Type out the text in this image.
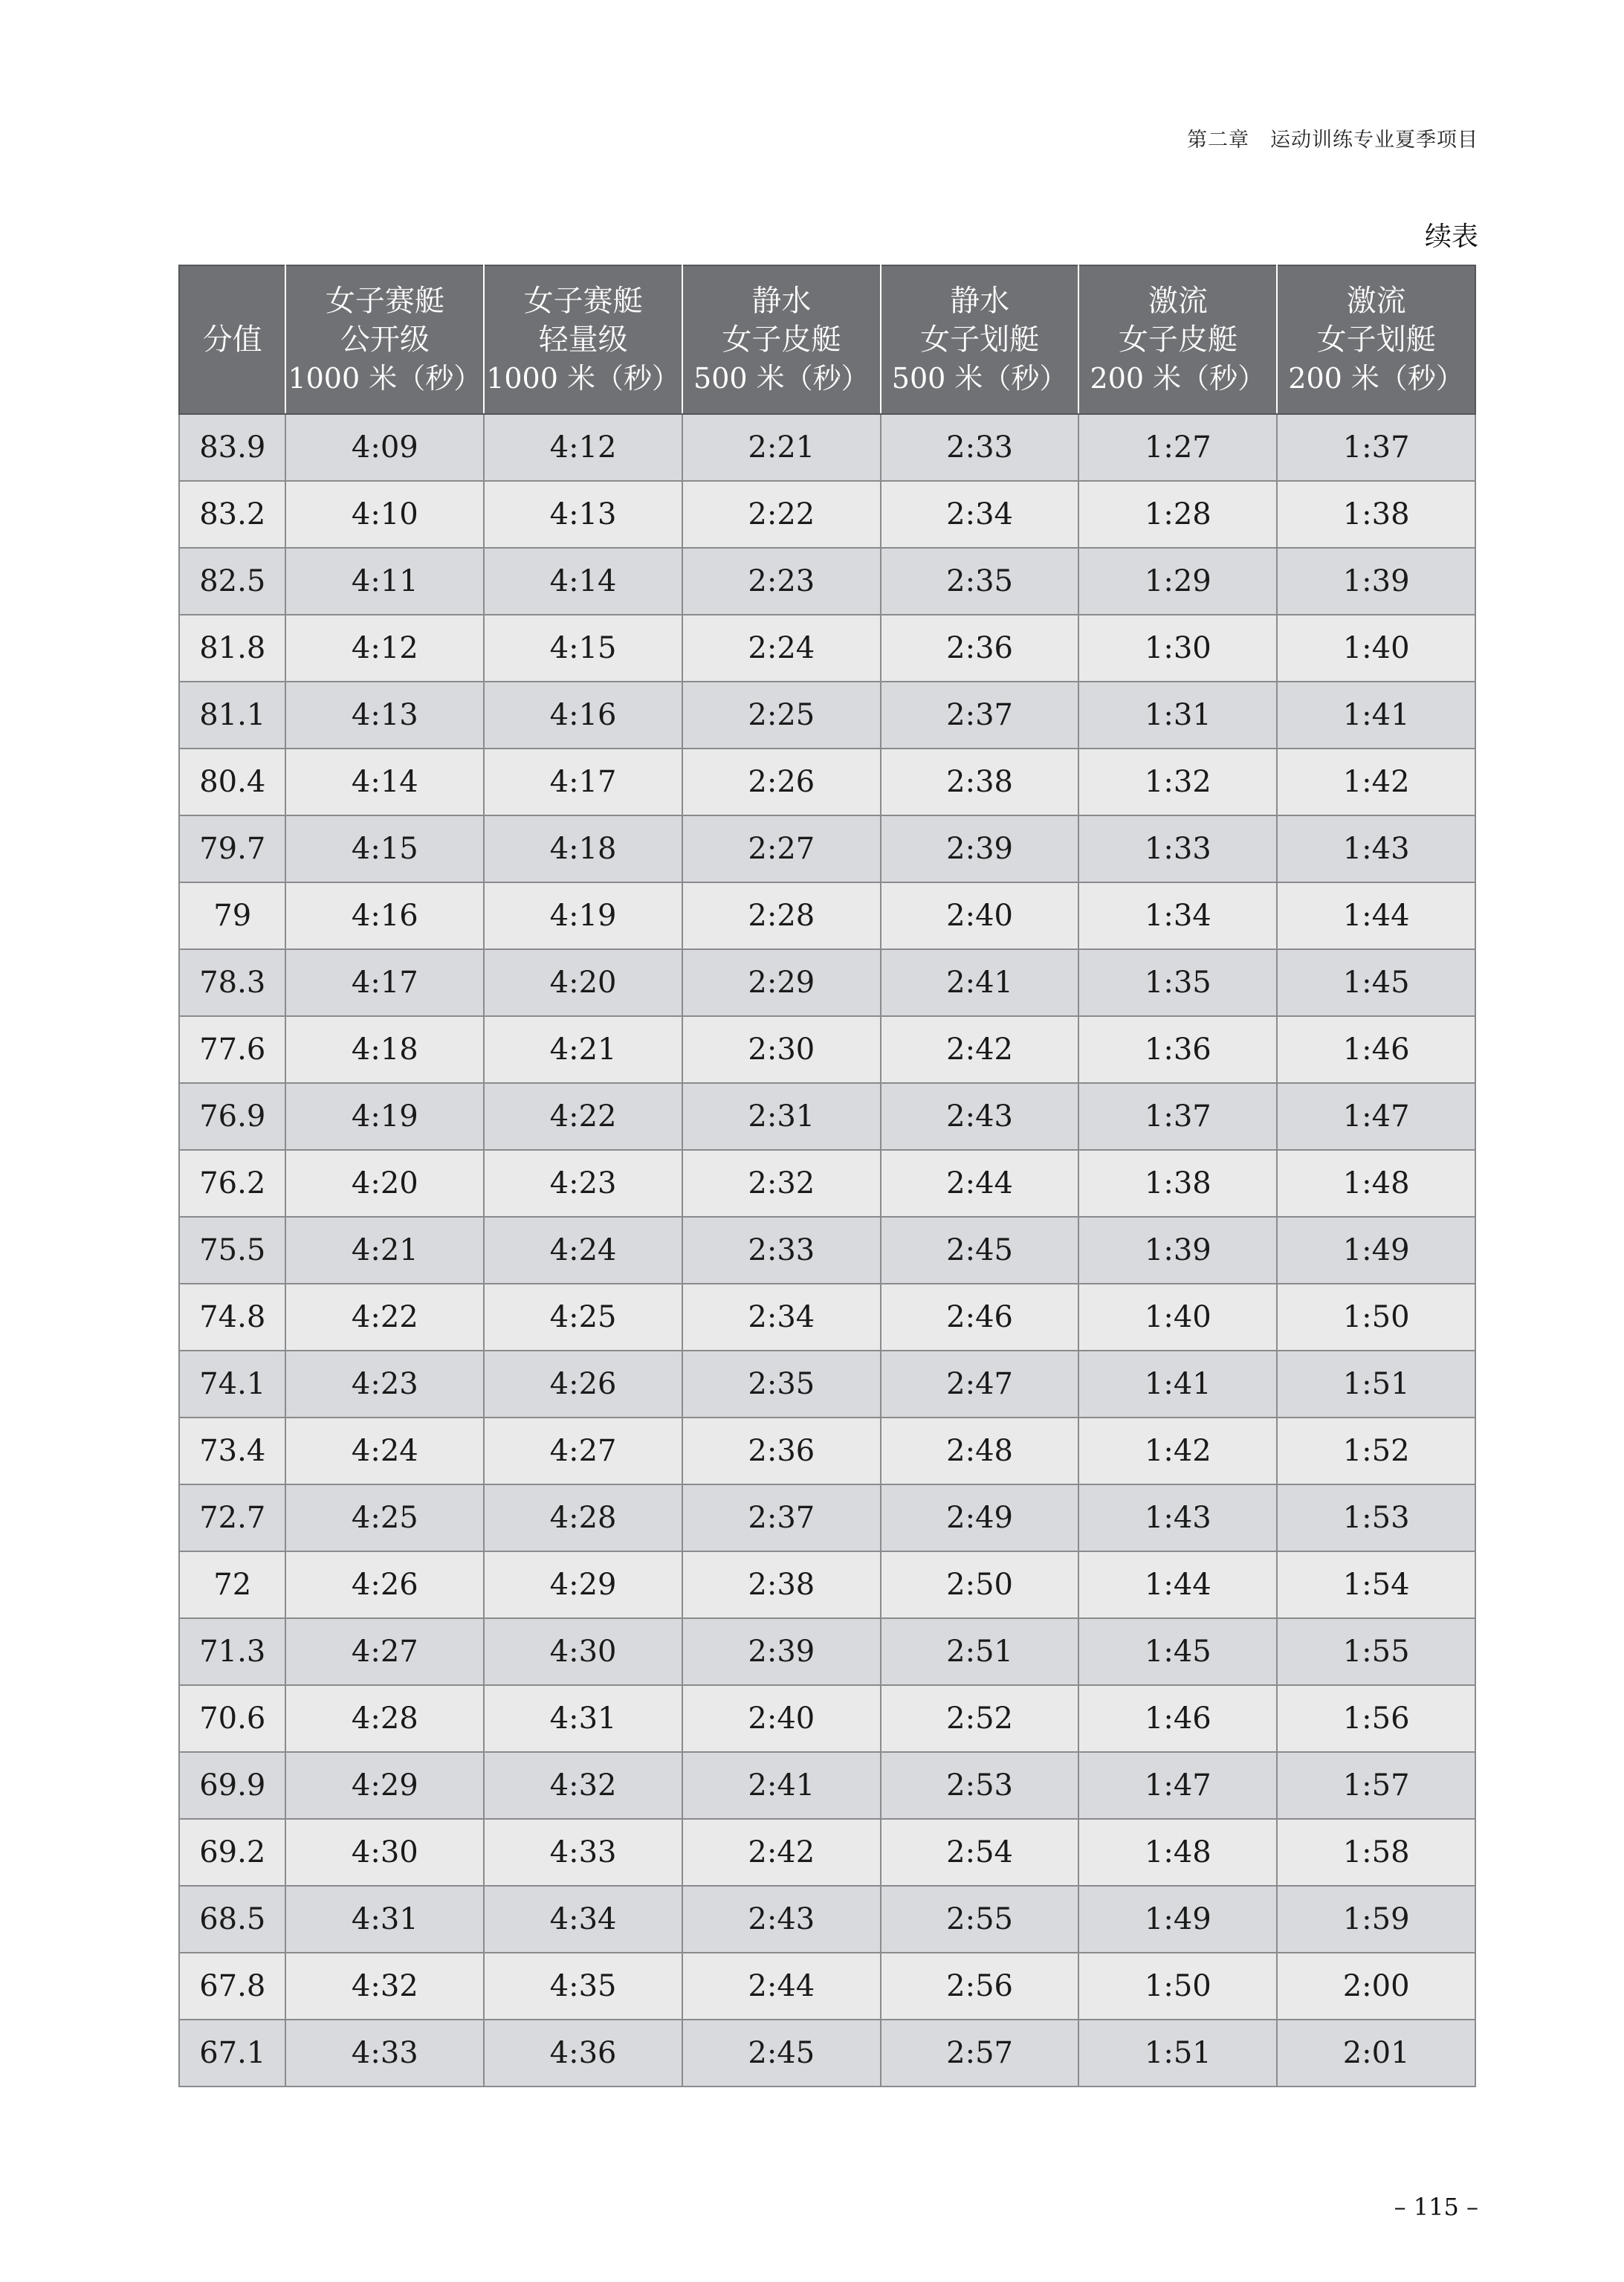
第二章　运动训练专业夏季项目
续表
分值	女子赛艇
公开级
1000 米（秒）	女子赛艇
轻量级
1000 米（秒）	静水
女子皮艇
500 米（秒）	静水
女子划艇
500 米（秒）	激流
女子皮艇
200 米（秒）	激流
女子划艇
200 米（秒）

83.9	4:09	4:12	2:21	2:33	1:27	1:37
83.2	4:10	4:13	2:22	2:34	1:28	1:38
82.5	4:11	4:14	2:23	2:35	1:29	1:39
81.8	4:12	4:15	2:24	2:36	1:30	1:40
81.1	4:13	4:16	2:25	2:37	1:31	1:41
80.4	4:14	4:17	2:26	2:38	1:32	1:42
79.7	4:15	4:18	2:27	2:39	1:33	1:43
79	4:16	4:19	2:28	2:40	1:34	1:44
78.3	4:17	4:20	2:29	2:41	1:35	1:45
77.6	4:18	4:21	2:30	2:42	1:36	1:46
76.9	4:19	4:22	2:31	2:43	1:37	1:47
76.2	4:20	4:23	2:32	2:44	1:38	1:48
75.5	4:21	4:24	2:33	2:45	1:39	1:49
74.8	4:22	4:25	2:34	2:46	1:40	1:50
74.1	4:23	4:26	2:35	2:47	1:41	1:51
73.4	4:24	4:27	2:36	2:48	1:42	1:52
72.7	4:25	4:28	2:37	2:49	1:43	1:53
72	4:26	4:29	2:38	2:50	1:44	1:54
71.3	4:27	4:30	2:39	2:51	1:45	1:55
70.6	4:28	4:31	2:40	2:52	1:46	1:56
69.9	4:29	4:32	2:41	2:53	1:47	1:57
69.2	4:30	4:33	2:42	2:54	1:48	1:58
68.5	4:31	4:34	2:43	2:55	1:49	1:59
67.8	4:32	4:35	2:44	2:56	1:50	2:00
67.1	4:33	4:36	2:45	2:57	1:51	2:01
– 115 –
